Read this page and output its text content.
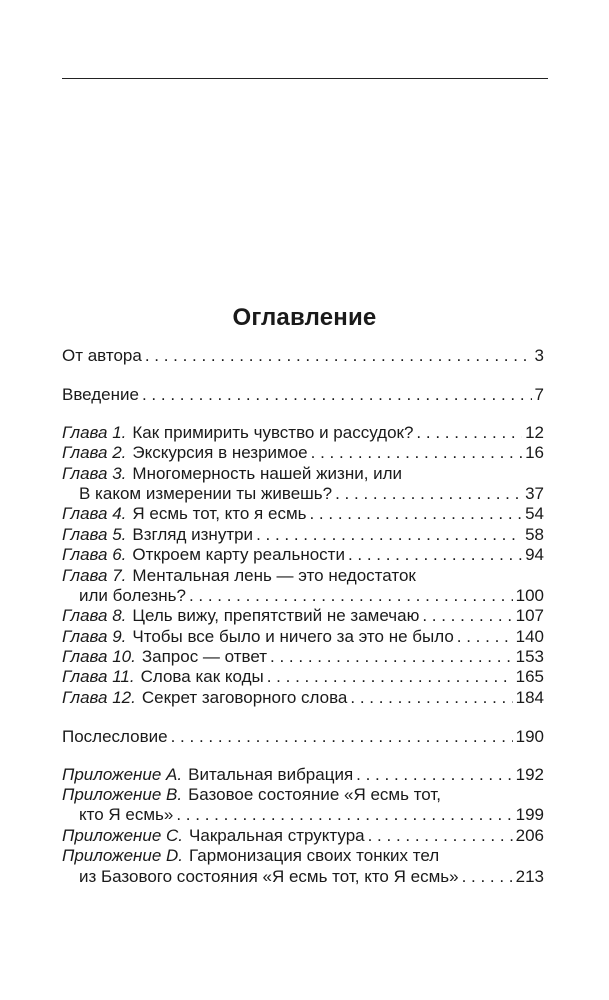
Оглавление
От автора . . .	3
Введение . . .	7
Глава 1. Как примирить чувство и рассудок? . . .	12
Глава 2. Экскурсия в незримое . . .	16
Глава 3. Многомерность нашей жизни, или
В каком измерении ты живешь? . . .	37
Глава 4. Я есмь тот, кто я есмь . . .	54
Глава 5. Взгляд изнутри . . .	58
Глава 6. Откроем карту реальности . . .	94
Глава 7. Ментальная лень — это недостаток
или болезнь? . . .	100
Глава 8. Цель вижу, препятствий не замечаю . . .	107
Глава 9. Чтобы все было и ничего за это не было . . .	140
Глава 10. Запрос — ответ . . .	153
Глава 11. Слова как коды . . .	165
Глава 12. Секрет заговорного слова . . .	184
Послесловие . . .	190
Приложение A. Витальная вибрация . . .	192
Приложение B. Базовое состояние «Я есмь тот,
кто Я есмь» . . .	199
Приложение C. Чакральная структура . . .	206
Приложение D. Гармонизация своих тонких тел
из Базового состояния «Я есмь тот, кто Я есмь» . . .	213
